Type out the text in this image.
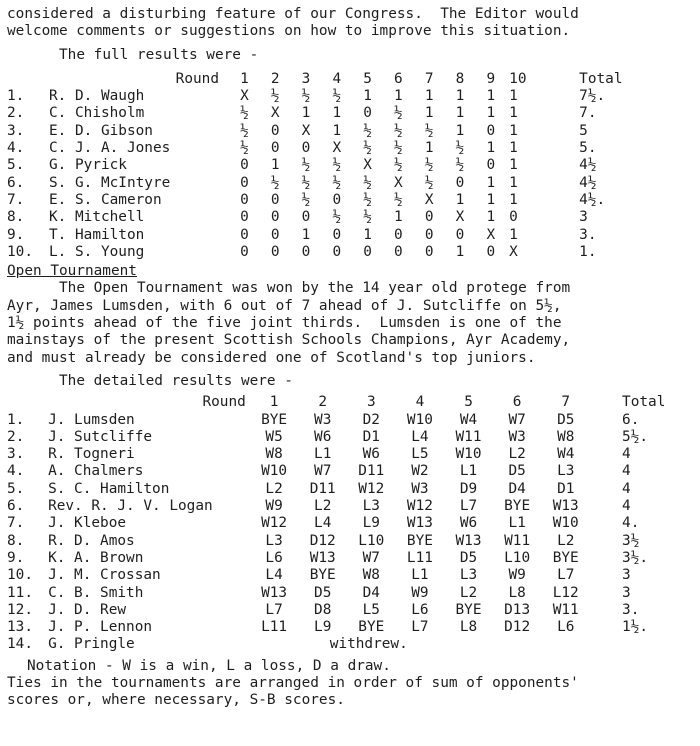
considered a disturbing feature of our Congress.  The Editor would
welcome comments or suggestions on how to improve this situation.
The full results were -
	Round	1	2	3	4	5	6	7	8	9	10	Total
1.	R. D. Waugh	X	½	½	½	1	1	1	1	1	1	7½.
2.	C. Chisholm	½	X	1	1	0	½	1	1	1	1	7.
3.	E. D. Gibson	½	0	X	1	½	½	½	1	0	1	5
4.	C. J. A. Jones	½	0	0	X	½	½	1	½	1	1	5.
5.	G. Pyrick	0	1	½	½	X	½	½	½	0	1	4½
6.	S. G. McIntyre	0	½	½	½	½	X	½	0	1	1	4½
7.	E. S. Cameron	0	0	½	0	½	½	X	1	1	1	4½.
8.	K. Mitchell	0	0	0	½	½	1	0	X	1	0	3
9.	T. Hamilton	0	0	1	0	1	0	0	0	X	1	3.
10.	L. S. Young	0	0	0	0	0	0	0	1	0	X	1.
Open Tournament
The Open Tournament was won by the 14 year old protege from
Ayr, James Lumsden, with 6 out of 7 ahead of J. Sutcliffe on 5½,
1½ points ahead of the five joint thirds.  Lumsden is one of the
mainstays of the present Scottish Schools Champions, Ayr Academy,
and must already be considered one of Scotland's top juniors.
The detailed results were -
	Round	1	2	3	4	5	6	7	Total
1.	J. Lumsden	BYE	W3	D2	W10	W4	W7	D5	6.
2.	J. Sutcliffe	W5	W6	D1	L4	W11	W3	W8	5½.
3.	R. Togneri	W8	L1	W6	L5	W10	L2	W4	4
4.	A. Chalmers	W10	W7	D11	W2	L1	D5	L3	4
5.	S. C. Hamilton	L2	D11	W12	W3	D9	D4	D1	4
6.	Rev. R. J. V. Logan	W9	L2	L3	W12	L7	BYE	W13	4
7.	J. Kleboe	W12	L4	L9	W13	W6	L1	W10	4.
8.	R. D. Amos	L3	D12	L10	BYE	W13	W11	L2	3½
9.	K. A. Brown	L6	W13	W7	L11	D5	L10	BYE	3½.
10.	J. M. Crossan	L4	BYE	W8	L1	L3	W9	L7	3
11.	C. B. Smith	W13	D5	D4	W9	L2	L8	L12	3
12.	J. D. Rew	L7	D8	L5	L6	BYE	D13	W11	3.
13.	J. P. Lennon	L11	L9	BYE	L7	L8	D12	L6	1½.
14.	G. Pringle	withdrew.							
Notation - W is a win, L a loss, D a draw.
Ties in the tournaments are arranged in order of sum of opponents'
scores or, where necessary, S-B scores.
